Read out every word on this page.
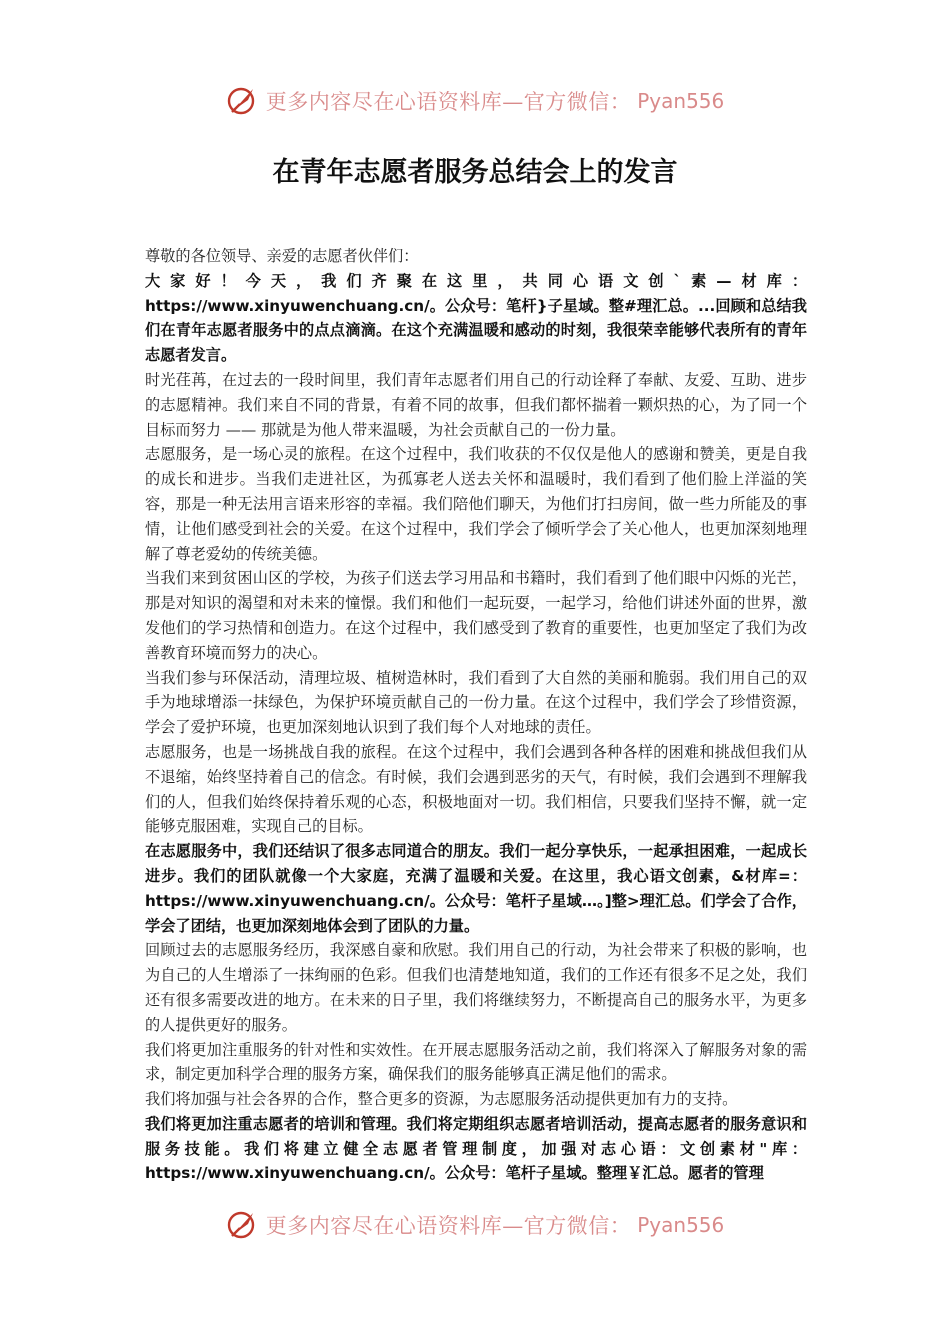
更多内容尽在心语资料库—官方微信： Pyan556
在青年志愿者服务总结会上的发言

尊敬的各位领导、亲爱的志愿者伙伴们：

大家好！今天，我们齐聚在这里，共同心语文创`素—材库：https://www.xinyuwenchuang.cn/。公众号：笔杆}子星域。整#理汇总。...回顾和总结我们在青年志愿者服务中的点点滴滴。在这个充满温暖和感动的时刻，我很荣幸能够代表所有的青年志愿者发言。

时光荏苒，在过去的一段时间里，我们青年志愿者们用自己的行动诠释了奉献、友爱、互助、进步的志愿精神。我们来自不同的背景，有着不同的故事，但我们都怀揣着一颗炽热的心，为了同一个目标而努力 —— 那就是为他人带来温暖，为社会贡献自己的一份力量。

志愿服务，是一场心灵的旅程。在这个过程中，我们收获的不仅仅是他人的感谢和赞美，更是自我的成长和进步。当我们走进社区，为孤寡老人送去关怀和温暖时，我们看到了他们脸上洋溢的笑容，那是一种无法用言语来形容的幸福。我们陪他们聊天，为他们打扫房间，做一些力所能及的事情，让他们感受到社会的关爱。在这个过程中，我们学会了倾听学会了关心他人，也更加深刻地理解了尊老爱幼的传统美德。

当我们来到贫困山区的学校，为孩子们送去学习用品和书籍时，我们看到了他们眼中闪烁的光芒，那是对知识的渴望和对未来的憧憬。我们和他们一起玩耍，一起学习，给他们讲述外面的世界，激发他们的学习热情和创造力。在这个过程中，我们感受到了教育的重要性，也更加坚定了我们为改善教育环境而努力的决心。

当我们参与环保活动，清理垃圾、植树造林时，我们看到了大自然的美丽和脆弱。我们用自己的双手为地球增添一抹绿色，为保护环境贡献自己的一份力量。在这个过程中，我们学会了珍惜资源，学会了爱护环境，也更加深刻地认识到了我们每个人对地球的责任。

志愿服务，也是一场挑战自我的旅程。在这个过程中，我们会遇到各种各样的困难和挑战但我们从不退缩，始终坚持着自己的信念。有时候，我们会遇到恶劣的天气，有时候，我们会遇到不理解我们的人，但我们始终保持着乐观的心态，积极地面对一切。我们相信，只要我们坚持不懈，就一定能够克服困难，实现自己的目标。

在志愿服务中，我们还结识了很多志同道合的朋友。我们一起分享快乐，一起承担困难，一起成长进步。我们的团队就像一个大家庭，充满了温暖和关爱。在这里，我心语文创素，&材库=：https://www.xinyuwenchuang.cn/。公众号：笔杆子星域…。]整>理汇总。们学会了合作，学会了团结，也更加深刻地体会到了团队的力量。

回顾过去的志愿服务经历，我深感自豪和欣慰。我们用自己的行动，为社会带来了积极的影响，也为自己的人生增添了一抹绚丽的色彩。但我们也清楚地知道，我们的工作还有很多不足之处，我们还有很多需要改进的地方。在未来的日子里，我们将继续努力，不断提高自己的服务水平，为更多的人提供更好的服务。

我们将更加注重服务的针对性和实效性。在开展志愿服务活动之前，我们将深入了解服务对象的需求，制定更加科学合理的服务方案，确保我们的服务能够真正满足他们的需求。

我们将加强与社会各界的合作，整合更多的资源，为志愿服务活动提供更加有力的支持。

我们将更加注重志愿者的培训和管理。我们将定期组织志愿者培训活动，提高志愿者的服务意识和服务技能。我们将建立健全志愿者管理制度，加强对志心语：文创素材"库：https://www.xinyuwenchuang.cn/。公众号：笔杆子星域。整理￥汇总。愿者的管理

更多内容尽在心语资料库—官方微信： Pyan556
